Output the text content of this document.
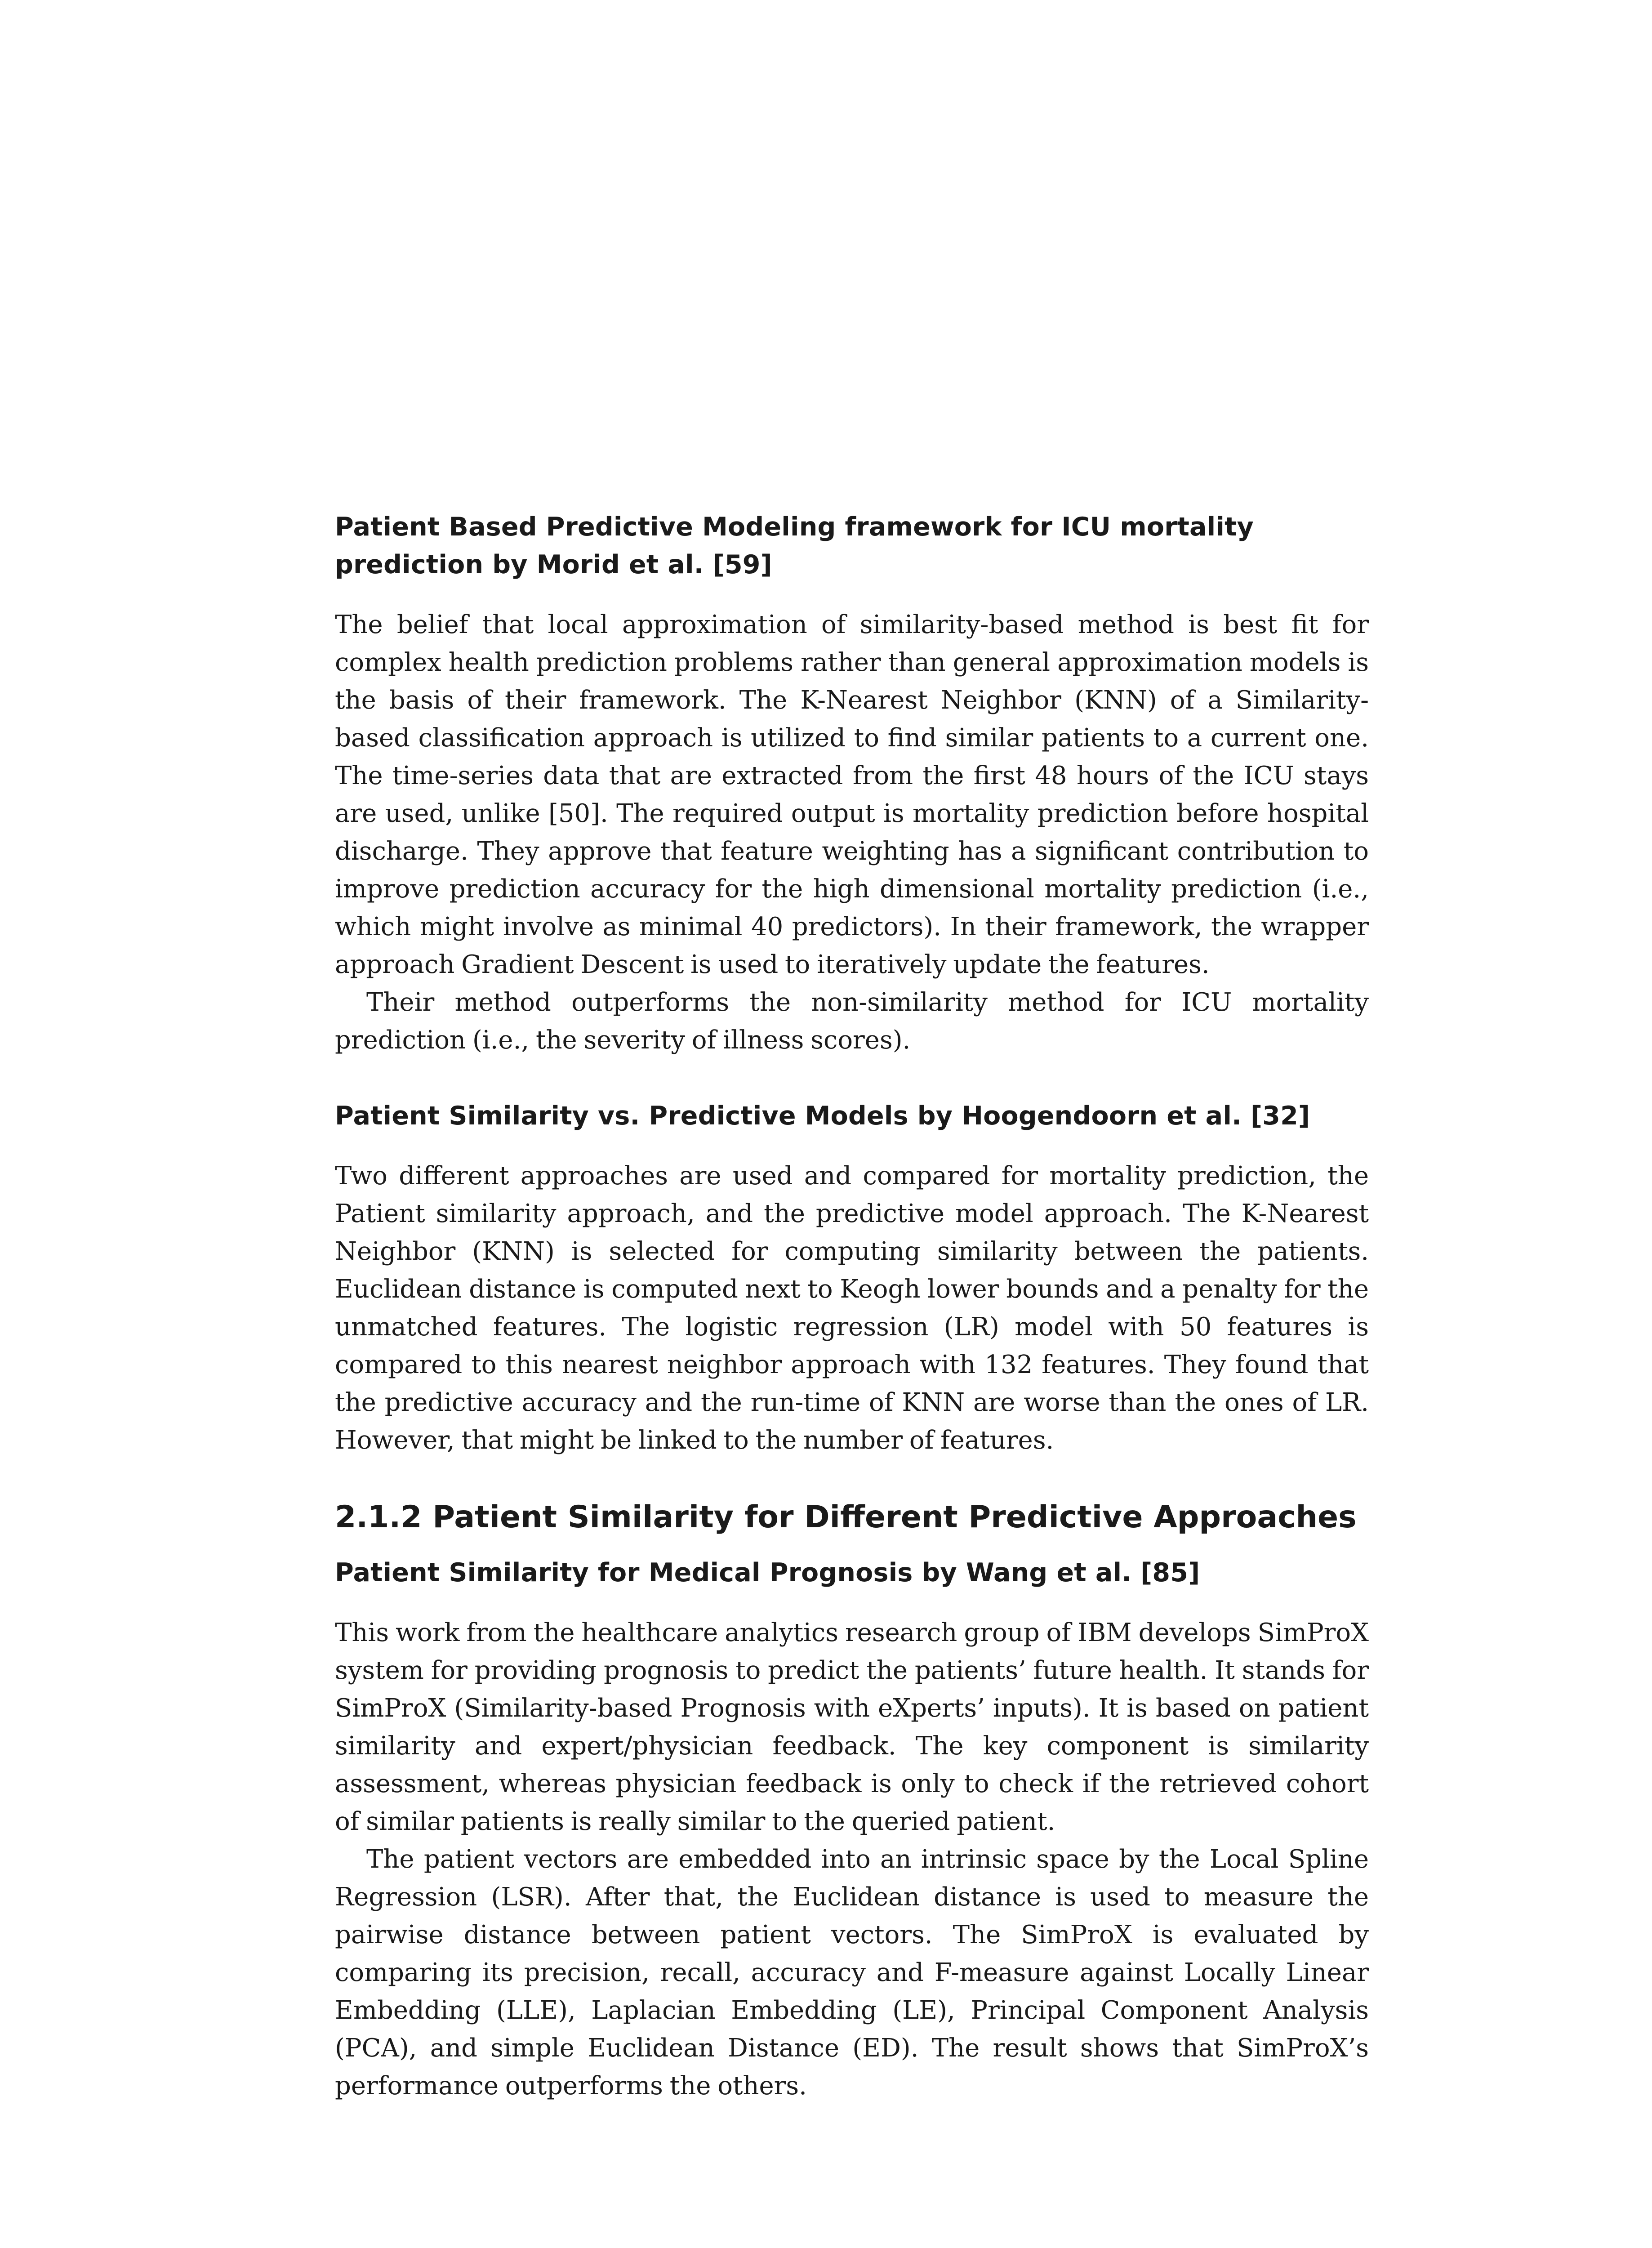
Patient Based Predictive Modeling framework for ICU mortality prediction by Morid et al. [59]

The belief that local approximation of similarity-based method is best fit for complex health prediction problems rather than general approximation models is the basis of their framework. The K-Nearest Neighbor (KNN) of a Similarity-based classification approach is utilized to find similar patients to a current one. The time-series data that are extracted from the first 48 hours of the ICU stays are used, unlike [50]. The required output is mortality prediction before hospital discharge. They approve that feature weighting has a significant contribution to improve prediction accuracy for the high dimensional mortality prediction (i.e., which might involve as minimal 40 predictors). In their framework, the wrapper approach Gradient Descent is used to iteratively update the features.

Their method outperforms the non-similarity method for ICU mortality prediction (i.e., the severity of illness scores).

Patient Similarity vs. Predictive Models by Hoogendoorn et al. [32]

Two different approaches are used and compared for mortality prediction, the Patient similarity approach, and the predictive model approach. The K-Nearest Neighbor (KNN) is selected for computing similarity between the patients. Euclidean distance is computed next to Keogh lower bounds and a penalty for the unmatched features. The logistic regression (LR) model with 50 features is compared to this nearest neighbor approach with 132 features. They found that the predictive accuracy and the run-time of KNN are worse than the ones of LR. However, that might be linked to the number of features.

2.1.2 Patient Similarity for Different Predictive Approaches
Patient Similarity for Medical Prognosis by Wang et al. [85]

This work from the healthcare analytics research group of IBM develops SimProX system for providing prognosis to predict the patients’ future health. It stands for SimProX (Similarity-based Prognosis with eXperts’ inputs). It is based on patient similarity and expert/physician feedback. The key component is similarity assessment, whereas physician feedback is only to check if the retrieved cohort of similar patients is really similar to the queried patient.

The patient vectors are embedded into an intrinsic space by the Local Spline Regression (LSR). After that, the Euclidean distance is used to measure the pairwise distance between patient vectors. The SimProX is evaluated by comparing its precision, recall, accuracy and F-measure against Locally Linear Embedding (LLE), Laplacian Embedding (LE), Principal Component Analysis (PCA), and simple Euclidean Distance (ED). The result shows that SimProX’s performance outperforms the others.
